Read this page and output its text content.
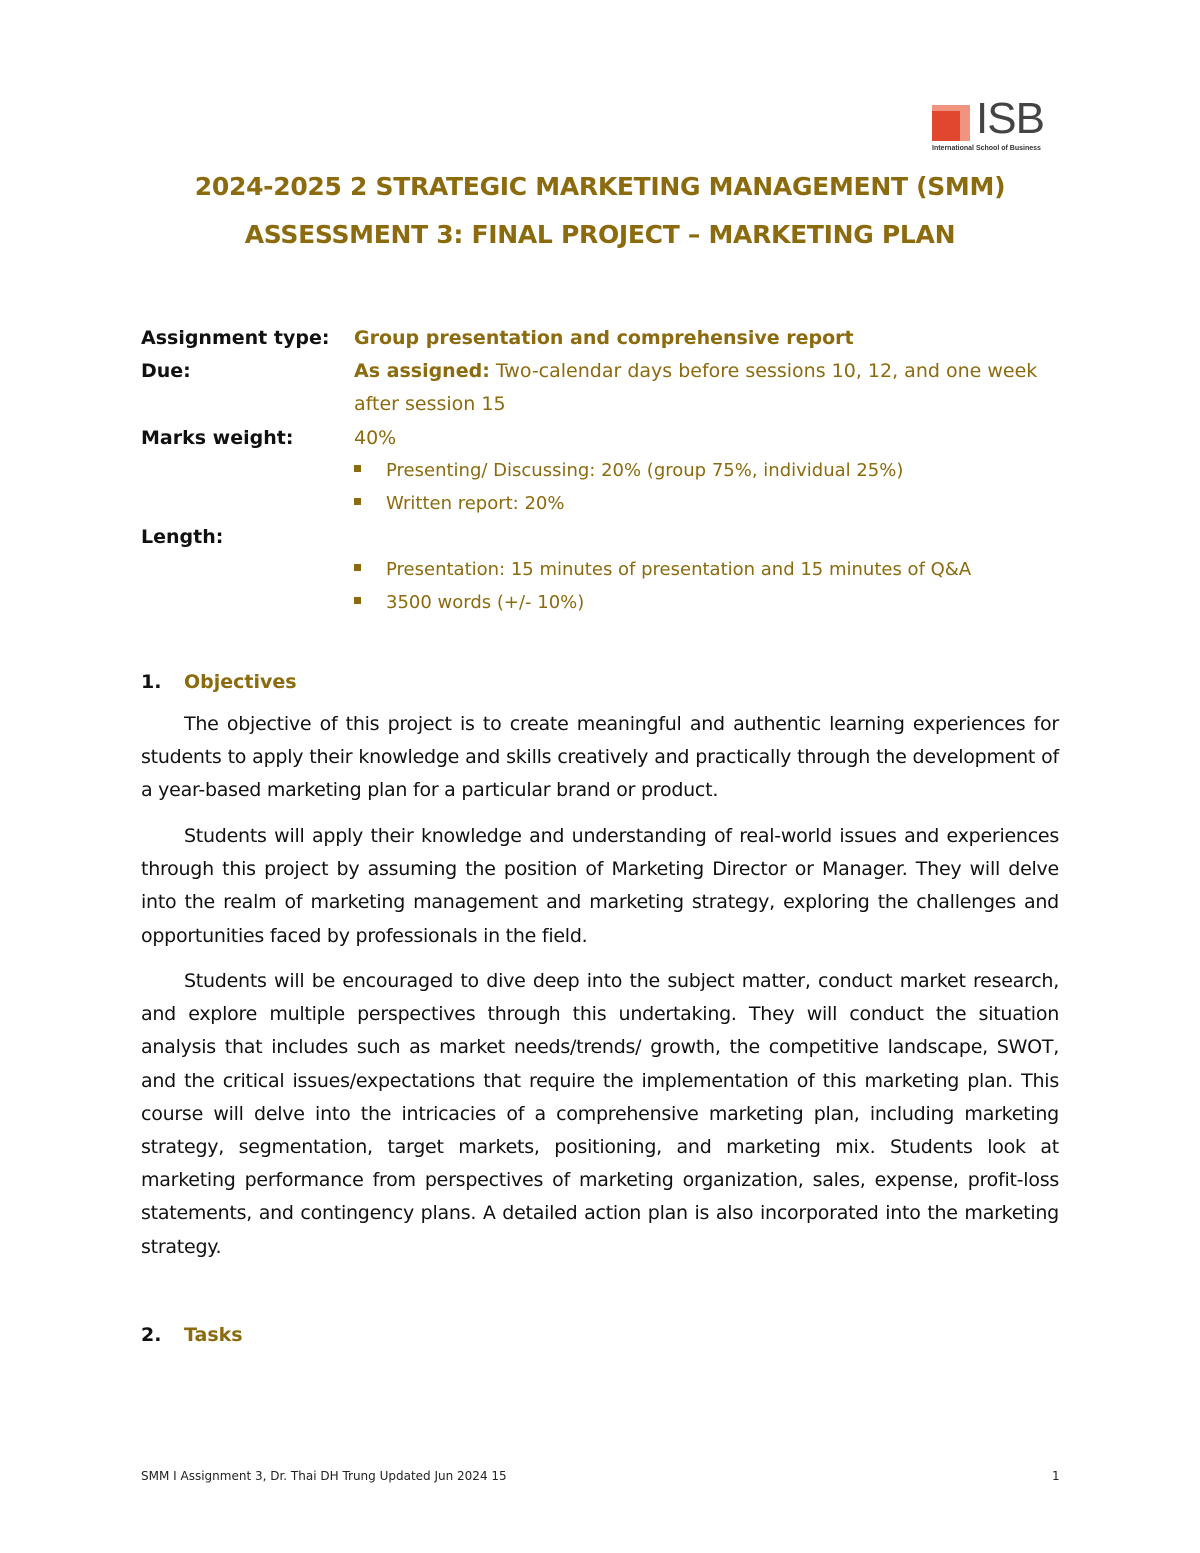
ISB
International School of Business
2024-2025 2 STRATEGIC MARKETING MANAGEMENT (SMM)
ASSESSMENT 3: FINAL PROJECT – MARKETING PLAN
Assignment type: Group presentation and comprehensive report
Due:	As assigned: Two-calendar days before sessions 10, 12, and one week
after session 15
Marks weight:	40%
Presenting/ Discussing: 20% (group 75%, individual 25%)
Written report: 20%
Length:
Presentation: 15 minutes of presentation and 15 minutes of Q&A
3500 words (+/- 10%)
1. Objectives

The objective of this project is to create meaningful and authentic learning experiences for students to apply their knowledge and skills creatively and practically through the development of a year-based marketing plan for a particular brand or product.

Students will apply their knowledge and understanding of real-world issues and experiences through this project by assuming the position of Marketing Director or Manager. They will delve into the realm of marketing management and marketing strategy, exploring the challenges and opportunities faced by professionals in the field.

Students will be encouraged to dive deep into the subject matter, conduct market research, and explore multiple perspectives through this undertaking. They will conduct the situation analysis that includes such as market needs/trends/ growth, the competitive landscape, SWOT, and the critical issues/expectations that require the implementation of this marketing plan. This course will delve into the intricacies of a comprehensive marketing plan, including marketing strategy, segmentation, target markets, positioning, and marketing mix. Students look at marketing performance from perspectives of marketing organization, sales, expense, profit-loss statements, and contingency plans. A detailed action plan is also incorporated into the marketing strategy.

2. Tasks
SMM I Assignment 3, Dr. Thai DH Trung Updated Jun 2024 15	1
